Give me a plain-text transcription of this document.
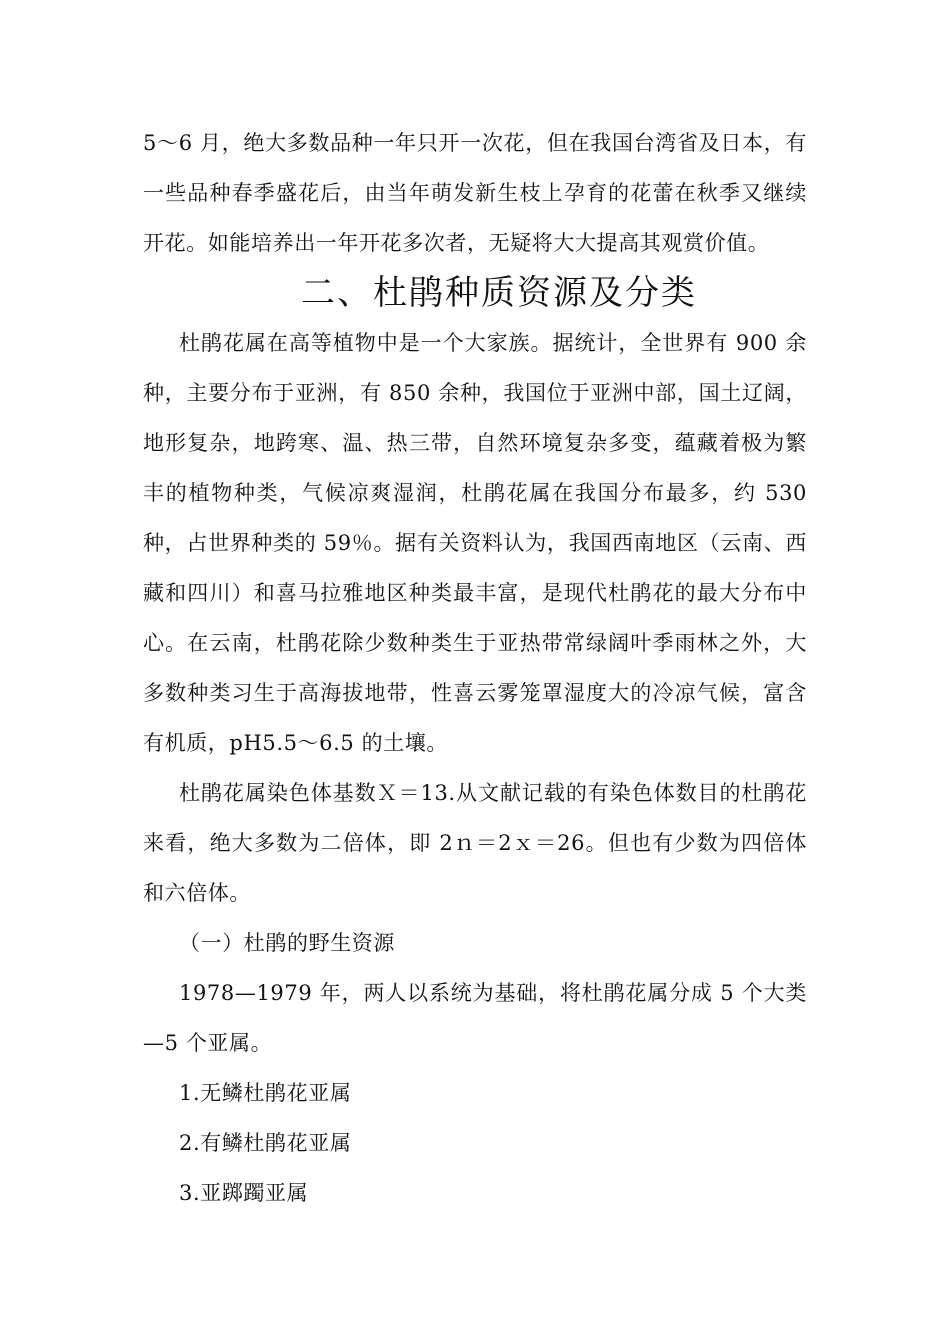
5～6 月，绝大多数品种一年只开一次花，但在我国台湾省及日本，有一些品种春季盛花后，由当年萌发新生枝上孕育的花蕾在秋季又继续开花。如能培养出一年开花多次者，无疑将大大提高其观赏价值。

二、杜鹃种质资源及分类

杜鹃花属在高等植物中是一个大家族。据统计，全世界有 900 余种，主要分布于亚洲，有 850 余种，我国位于亚洲中部，国土辽阔，地形复杂，地跨寒、温、热三带，自然环境复杂多变，蕴藏着极为繁丰的植物种类，气候凉爽湿润，杜鹃花属在我国分布最多，约 530 种，占世界种类的 59％。据有关资料认为，我国西南地区（云南、西藏和四川）和喜马拉雅地区种类最丰富，是现代杜鹃花的最大分布中心。在云南，杜鹃花除少数种类生于亚热带常绿阔叶季雨林之外，大多数种类习生于高海拔地带，性喜云雾笼罩湿度大的冷凉气候，富含有机质，pH5.5～6.5 的土壤。

杜鹃花属染色体基数Ｘ＝13.从文献记载的有染色体数目的杜鹃花来看，绝大多数为二倍体，即 2ｎ＝2ｘ＝26。但也有少数为四倍体和六倍体。

（一）杜鹃的野生资源

1978—1979 年，两人以系统为基础，将杜鹃花属分成 5 个大类—5 个亚属。

1.无鳞杜鹃花亚属

2.有鳞杜鹃花亚属

3.亚踯躅亚属
